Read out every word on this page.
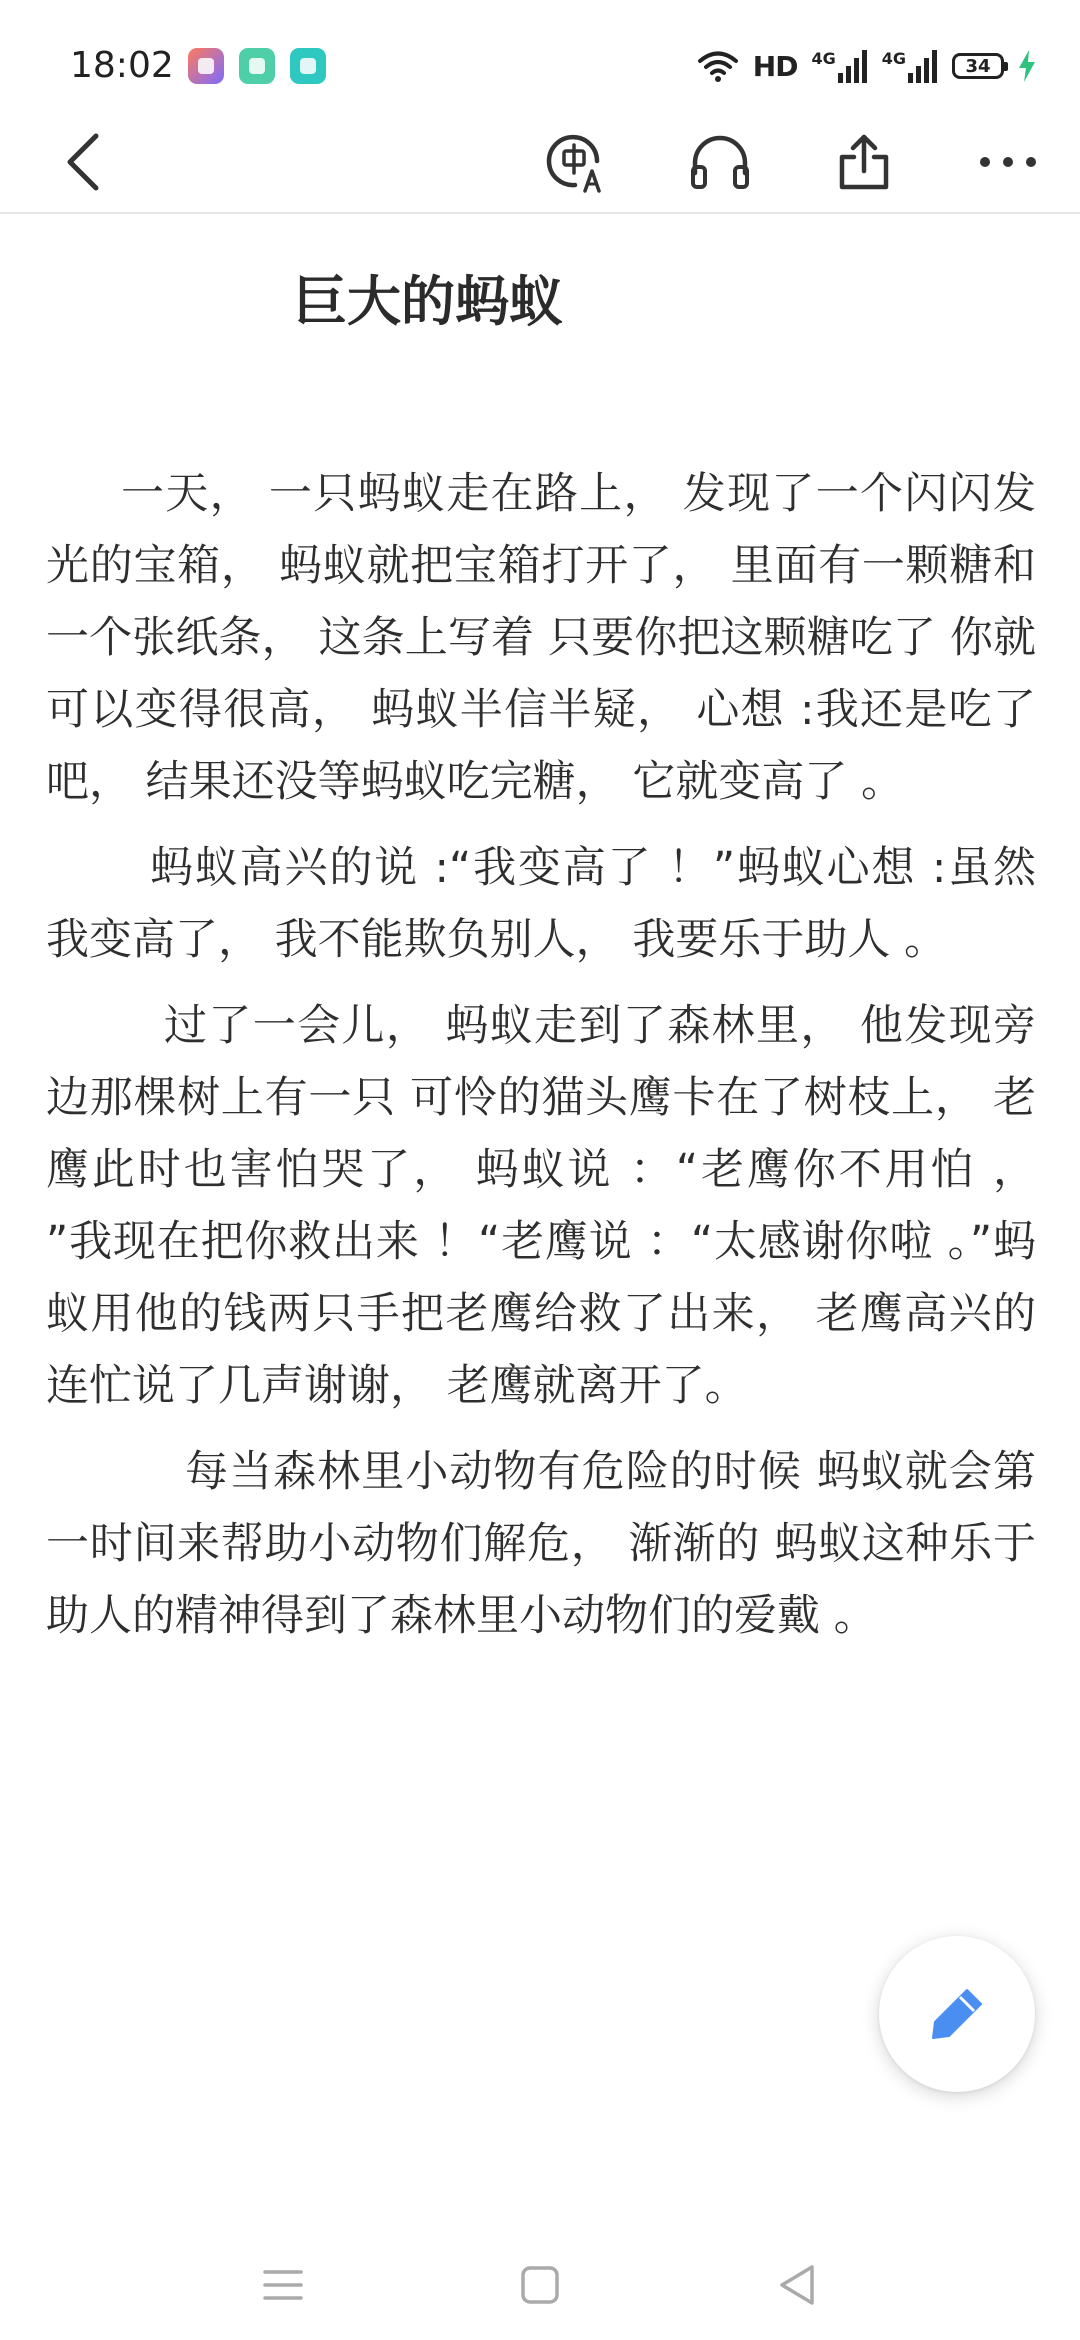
18:02	HD 4G	4G	34
巨大的蚂蚁

一天， 一只蚂蚁走在路上， 发现了一个闪闪发光的宝箱， 蚂蚁就把宝箱打开了， 里面有一颗糖和一个张纸条， 这条上写着 只要你把这颗糖吃了 你就可以变得很高， 蚂蚁半信半疑， 心想 :我还是吃了吧， 结果还没等蚂蚁吃完糖， 它就变高了 。

蚂蚁高兴的说 :“我变高了 ！”蚂蚁心想 :虽然我变高了， 我不能欺负别人， 我要乐于助人 。

过了一会儿， 蚂蚁走到了森林里， 他发现旁边那棵树上有一只 可怜的猫头鹰卡在了树枝上， 老鹰此时也害怕哭了， 蚂蚁说 ：“老鹰你不用怕 ， ”我现在把你救出来 ！“老鹰说 ：“太感谢你啦 。”蚂蚁用他的钱两只手把老鹰给救了出来， 老鹰高兴的连忙说了几声谢谢， 老鹰就离开了。

每当森林里小动物有危险的时候 蚂蚁就会第一时间来帮助小动物们解危， 渐渐的 蚂蚁这种乐于助人的精神得到了森林里小动物们的爱戴 。
